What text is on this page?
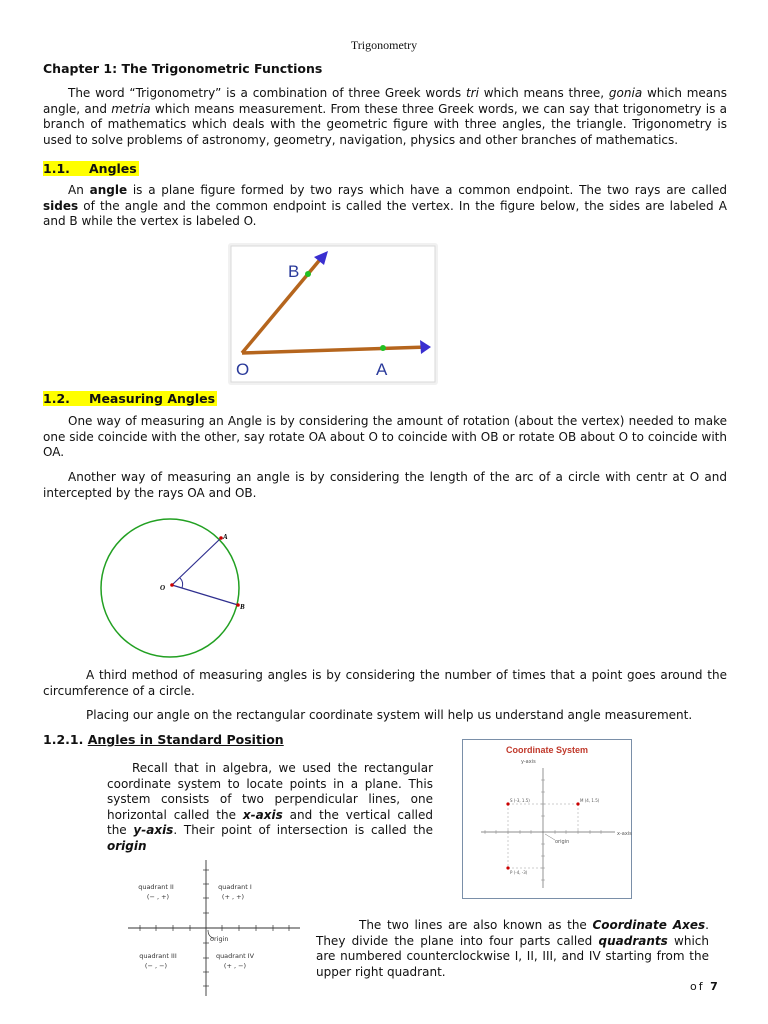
Trigonometry
Chapter 1: The Trigonometric Functions

The word “Trigonometry” is a combination of three Greek words tri which means three, gonia which means angle, and metria which means measurement. From these three Greek words, we can say that trigonometry is a branch of mathematics which deals with the geometric figure with three angles, the triangle. Trigonometry is used to solve problems of astronomy, geometry, navigation, physics and other branches of mathematics.

1.1. Angles

An angle is a plane figure formed by two rays which have a common endpoint. The two rays are called sides of the angle and the common endpoint is called the vertex. In the figure below, the sides are labeled A and B while the vertex is labeled O.

B
O	A
1.2. Measuring Angles

One way of measuring an Angle is by considering the amount of rotation (about the vertex) needed to make one side coincide with the other, say rotate OA about O to coincide with OB or rotate OB about O to coincide with OA.

Another way of measuring an angle is by considering the length of the arc of a circle with centr at O and intercepted by the rays OA and OB.

A
O
B

A third method of measuring angles is by considering the number of times that a point goes around the circumference of a circle.

Placing our angle on the rectangular coordinate system will help us understand angle measurement.

1.2.1. Angles in Standard Position

Recall that in algebra, we used the rectangular coordinate system to locate points in a plane. This system consists of two perpendicular lines, one horizontal called the x-axis and the vertical called the y-axis. Their point of intersection is called the origin

Coordinate System
y-axis
x-axis
origin
S (-3, 1.5)	M (4, 1.5)
P (-4, -3)
quadrant II
(− , +)
quadrant I
(+ , +)
quadrant III
(− , −)
quadrant IV
(+ , −)
origin

The two lines are also known as the Coordinate Axes. They divide the plane into four parts called quadrants which are numbered counterclockwise I, II, III, and IV starting from the upper right quadrant.

of 7
